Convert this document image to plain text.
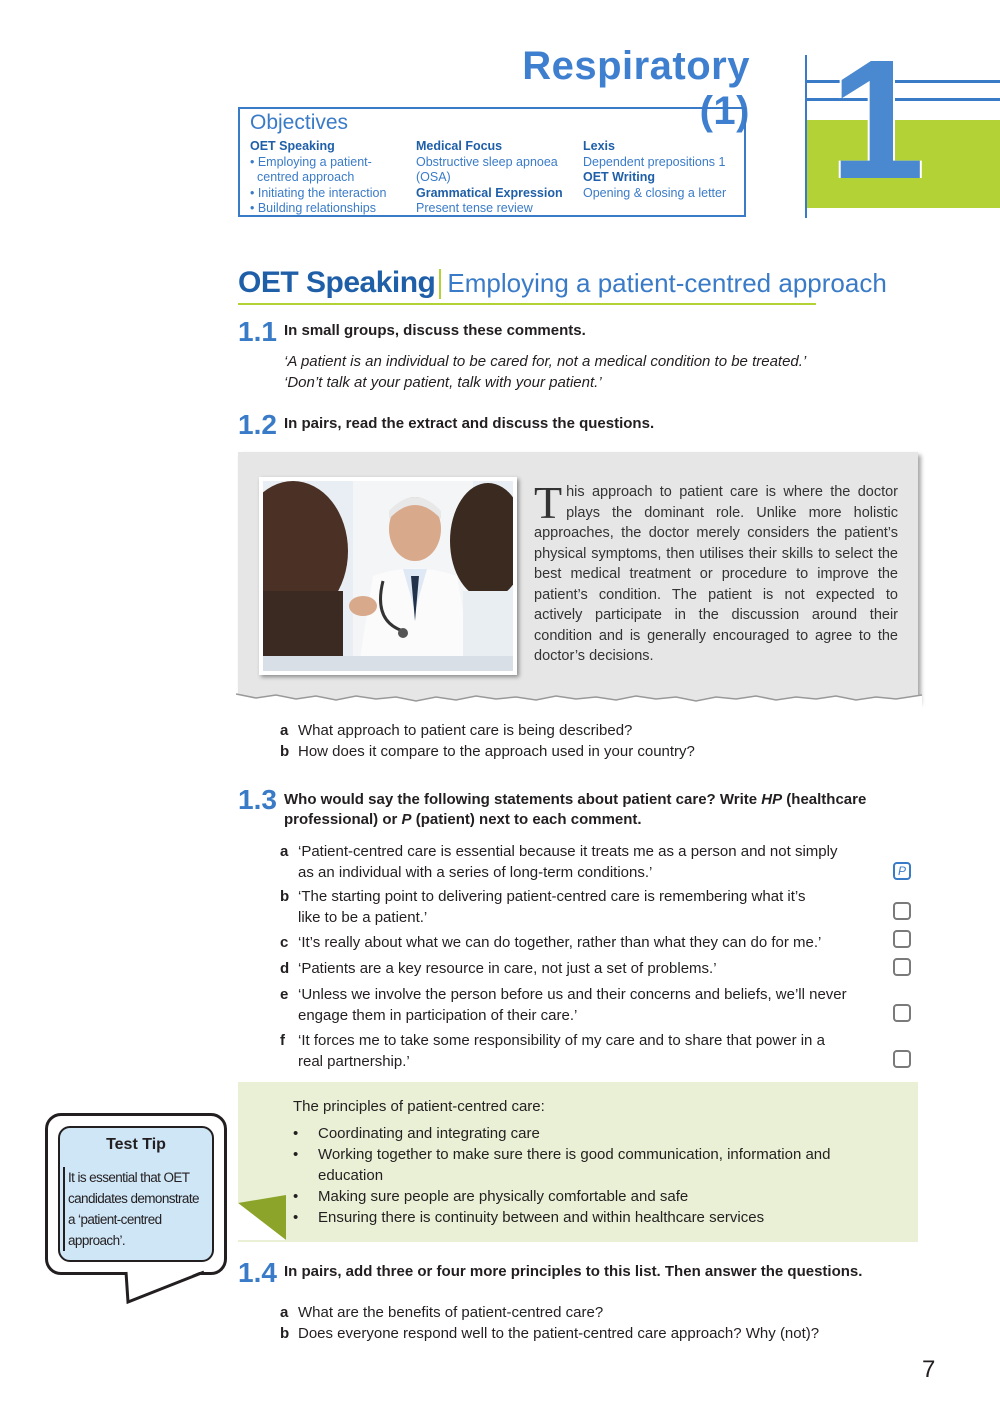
Respiratory (1) 1
Objectives
OET Speaking
• Employing a patient-
centred approach
• Initiating the interaction
• Building relationships
Medical Focus
Obstructive sleep apnoea
(OSA)
Grammatical Expression
Present tense review
Lexis
Dependent prepositions 1
OET Writing
Opening & closing a letter
OET Speaking Employing a patient-centred approach
1.1 In small groups, discuss these comments.
‘A patient is an individual to be cared for, not a medical condition to be treated.’
‘Don’t talk at your patient, talk with your patient.’
1.2 In pairs, read the extract and discuss the questions.
This approach to patient care is where the doctor plays the dominant role. Unlike more holistic approaches, the doctor merely considers the patient’s physical symptoms, then utilises their skills to select the best medical treatment or procedure to improve the patient’s condition. The patient is not expected to actively participate in the discussion around their condition and is generally encouraged to agree to the doctor’s decisions.
a What approach to patient care is being described?
b How does it compare to the approach used in your country?
1.3 Who would say the following statements about patient care? Write HP (healthcare
professional) or P (patient) next to each comment.
a ‘Patient-centred care is essential because it treats me as a person and not simply
as an individual with a series of long-term conditions.’
b ‘The starting point to delivering patient-centred care is remembering what it’s
like to be a patient.’
c ‘It’s really about what we can do together, rather than what they can do for me.’
d ‘Patients are a key resource in care, not just a set of problems.’
e ‘Unless we involve the person before us and their concerns and beliefs, we’ll never
engage them in participation of their care.’
f ‘It forces me to take some responsibility of my care and to share that power in a
real partnership.’
P
The principles of patient-centred care:
• Coordinating and integrating care
• Working together to make sure there is good communication, information and
education
• Making sure people are physically comfortable and safe
• Ensuring there is continuity between and within healthcare services
Test Tip
It is essential that OET
candidates demonstrate
a ‘patient-centred
approach’.
1.4 In pairs, add three or four more principles to this list. Then answer the questions.
a What are the benefits of patient-centred care?
b Does everyone respond well to the patient-centred care approach? Why (not)?
7
